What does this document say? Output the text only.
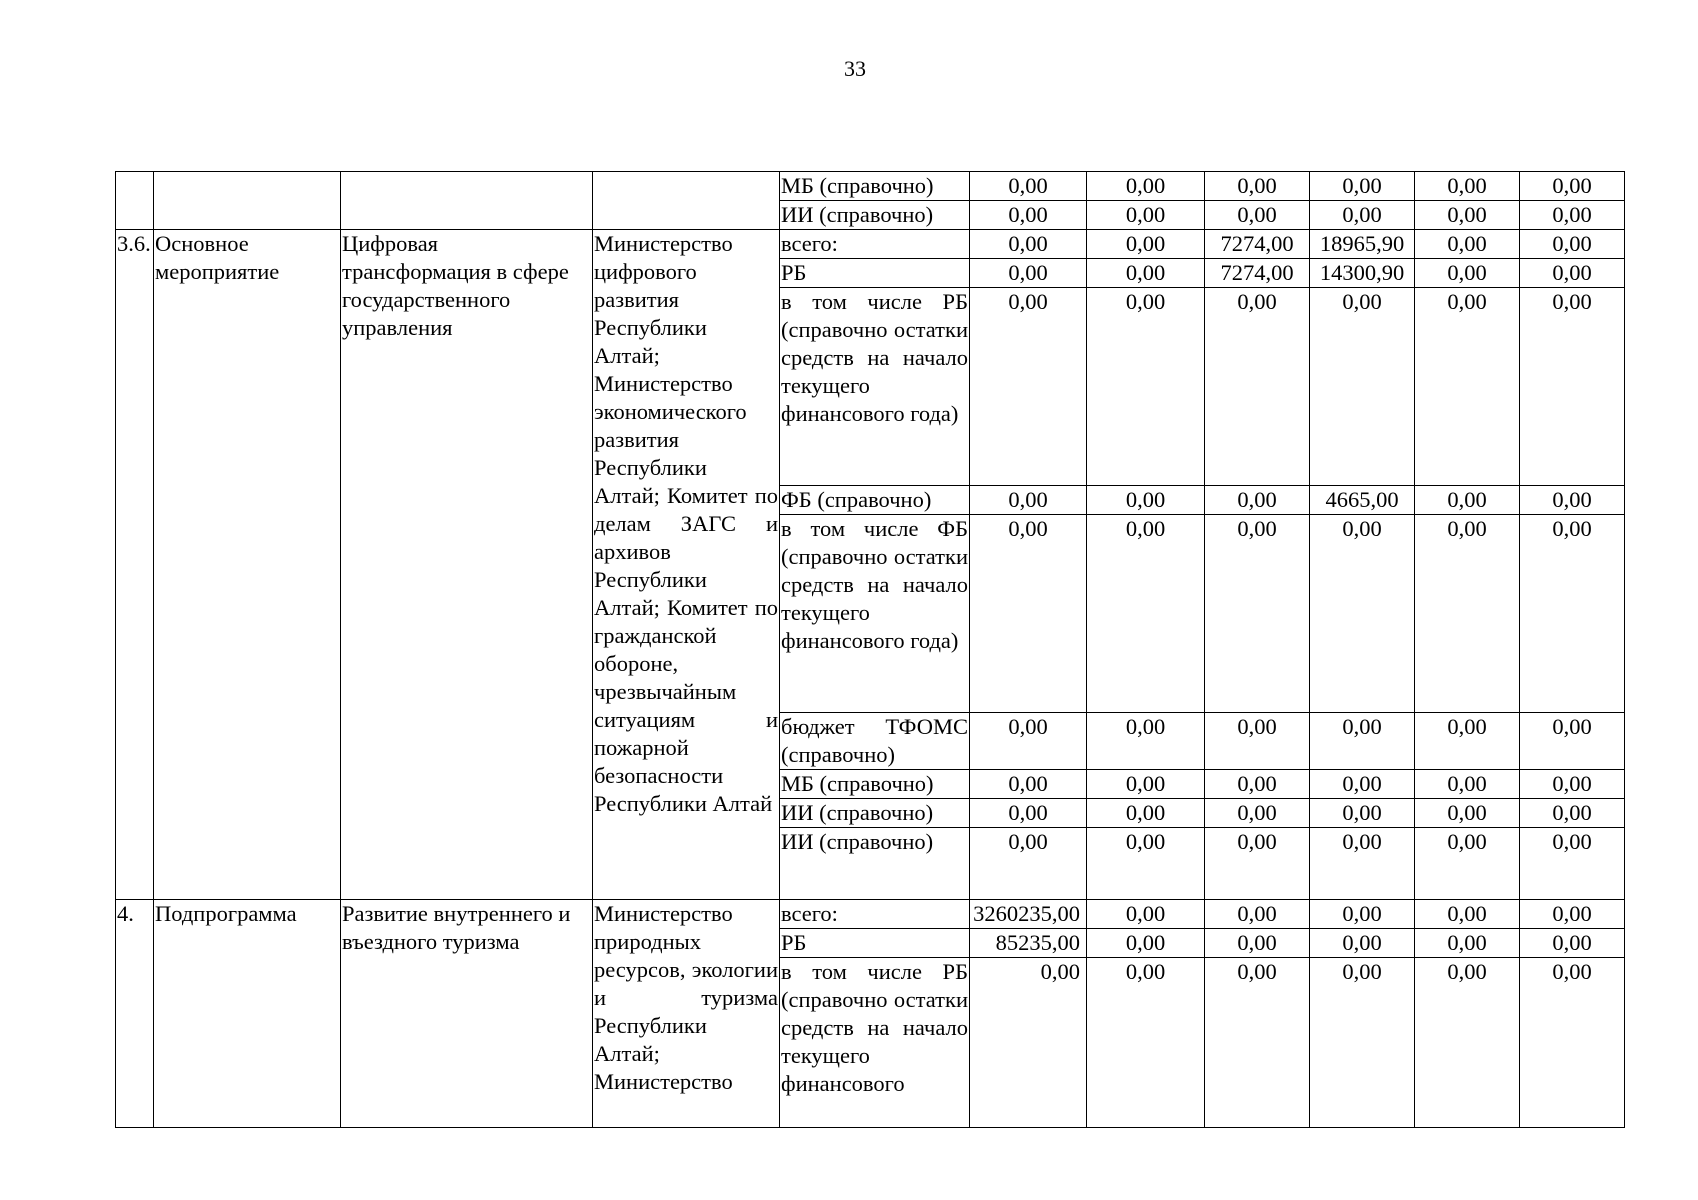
33
				МБ (справочно)	0,00	0,00	0,00	0,00	0,00	0,00
				ИИ (справочно)	0,00	0,00	0,00	0,00	0,00	0,00
3.6.	Основное мероприятие	Цифровая трансформация в сфере государственного управления	Министерство цифрового развития Республики Алтай; Министерство экономического развития Республики Алтай; Комитет по делам ЗАГС и архивов Республики Алтай; Комитет по гражданской обороне, чрезвычайным ситуациям и пожарной безопасности Республики Алтай	всего:	0,00	0,00	7274,00	18965,90	0,00	0,00
				РБ	0,00	0,00	7274,00	14300,90	0,00	0,00
				в том числе РБ (справочно остатки средств на начало текущего финансового года)	0,00	0,00	0,00	0,00	0,00	0,00
				ФБ (справочно)	0,00	0,00	0,00	4665,00	0,00	0,00
				в том числе ФБ (справочно остатки средств на начало текущего финансового года)	0,00	0,00	0,00	0,00	0,00	0,00
				бюджет ТФОМС (справочно)	0,00	0,00	0,00	0,00	0,00	0,00
				МБ (справочно)	0,00	0,00	0,00	0,00	0,00	0,00
				ИИ (справочно)	0,00	0,00	0,00	0,00	0,00	0,00
				ИИ (справочно)	0,00	0,00	0,00	0,00	0,00	0,00
4.	Подпрограмма	Развитие внутреннего и въездного туризма	Министерство природных ресурсов, экологии и туризма Республики Алтай; Министерство	всего:	3260235,00	0,00	0,00	0,00	0,00	0,00
				РБ	85235,00	0,00	0,00	0,00	0,00	0,00
				в том числе РБ (справочно остатки средств на начало текущего финансового	0,00	0,00	0,00	0,00	0,00	0,00
